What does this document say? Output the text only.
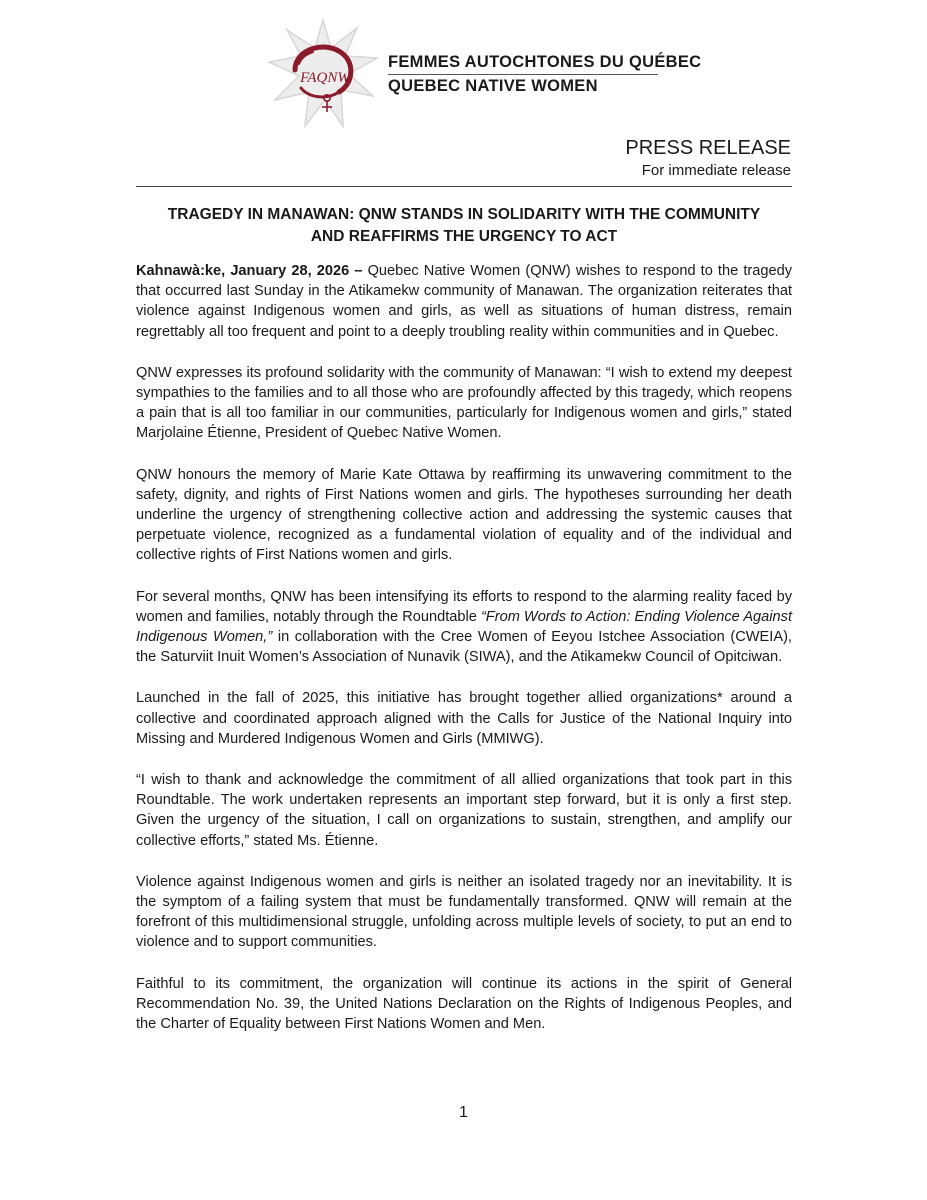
FAQNW
FEMMES AUTOCHTONES DU QUÉBEC
QUEBEC NATIVE WOMEN
PRESS RELEASE
For immediate release
TRAGEDY IN MANAWAN: QNW STANDS IN SOLIDARITY WITH THE COMMUNITY
AND REAFFIRMS THE URGENCY TO ACT

Kahnawà:ke, January 28, 2026 – Quebec Native Women (QNW) wishes to respond to the tragedy that occurred last Sunday in the Atikamekw community of Manawan. The organization reiterates that violence against Indigenous women and girls, as well as situations of human distress, remain regrettably all too frequent and point to a deeply troubling reality within communities and in Quebec.

QNW expresses its profound solidarity with the community of Manawan: “I wish to extend my deepest sympathies to the families and to all those who are profoundly affected by this tragedy, which reopens a pain that is all too familiar in our communities, particularly for Indigenous women and girls,” stated Marjolaine Étienne, President of Quebec Native Women.

QNW honours the memory of Marie Kate Ottawa by reaffirming its unwavering commitment to the safety, dignity, and rights of First Nations women and girls. The hypotheses surrounding her death underline the urgency of strengthening collective action and addressing the systemic causes that perpetuate violence, recognized as a fundamental violation of equality and of the individual and collective rights of First Nations women and girls.

For several months, QNW has been intensifying its efforts to respond to the alarming reality faced by women and families, notably through the Roundtable “From Words to Action: Ending Violence Against Indigenous Women,” in collaboration with the Cree Women of Eeyou Istchee Association (CWEIA), the Saturviit Inuit Women’s Association of Nunavik (SIWA), and the Atikamekw Council of Opitciwan.

Launched in the fall of 2025, this initiative has brought together allied organizations* around a collective and coordinated approach aligned with the Calls for Justice of the National Inquiry into Missing and Murdered Indigenous Women and Girls (MMIWG).

“I wish to thank and acknowledge the commitment of all allied organizations that took part in this Roundtable. The work undertaken represents an important step forward, but it is only a first step. Given the urgency of the situation, I call on organizations to sustain, strengthen, and amplify our collective efforts,” stated Ms. Étienne.

Violence against Indigenous women and girls is neither an isolated tragedy nor an inevitability. It is the symptom of a failing system that must be fundamentally transformed. QNW will remain at the forefront of this multidimensional struggle, unfolding across multiple levels of society, to put an end to violence and to support communities.

Faithful to its commitment, the organization will continue its actions in the spirit of General Recommendation No. 39, the United Nations Declaration on the Rights of Indigenous Peoples, and the Charter of Equality between First Nations Women and Men.

1
